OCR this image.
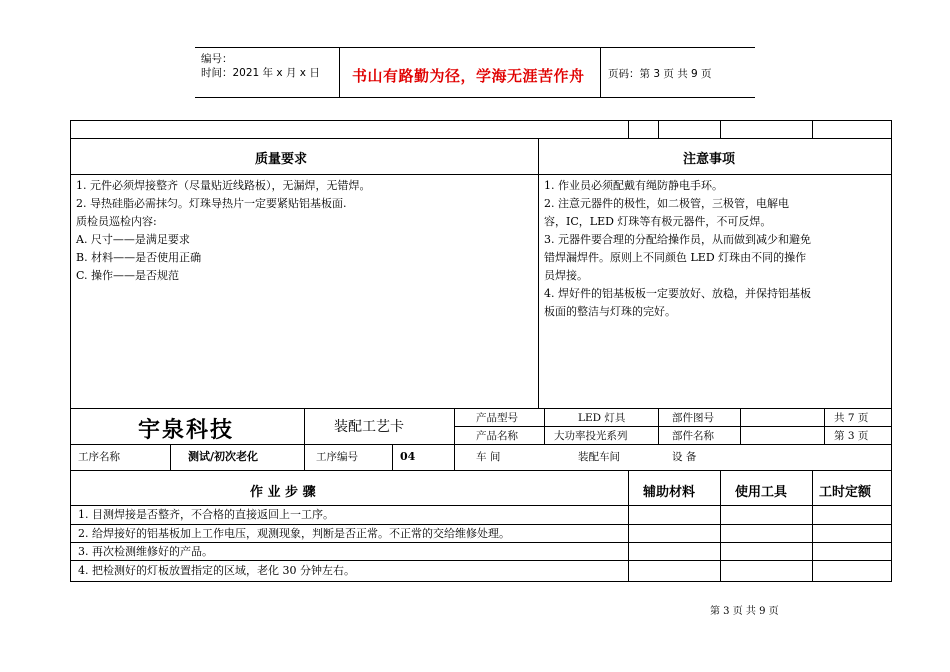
编号：
时间：2021 年 x 月 x 日 书山有路勤为径，学海无涯苦作舟 页码：第 3 页 共 9 页
质量要求
1. 元件必须焊接整齐（尽量贴近线路板），无漏焊，无错焊。
2. 导热硅脂必需抹匀。灯珠导热片一定要紧贴铝基板面.
质检员巡检内容:
A. 尺寸——是满足要求
B. 材料——是否使用正确
C. 操作——是否规范
注意事项
1. 作业员必须配戴有绳防静电手环。
2. 注意元器件的极性，如二极管，三极管，电解电
容，IC，LED 灯珠等有极元器件，不可反焊。
3. 元器件要合理的分配给操作员，从而做到减少和避免
错焊漏焊件。原则上不同颜色 LED 灯珠由不同的操作
员焊接。
4. 焊好件的铝基板板一定要放好、放稳，并保持铝基板
板面的整洁与灯珠的完好。
宇泉科技	装配工艺卡
产品型号	LED 灯具	部件图号	共 7 页
产品名称	大功率投光系列	部件名称	第 3 页
工序名称	测试/初次老化	工序编号	04	车 间	装配车间	设 备
作 业 步 骤	辅助材料	使用工具 工时定额
1. 目测焊接是否整齐，不合格的直接返回上一工序。
2. 给焊接好的铝基板加上工作电压，观测现象，判断是否正常。不正常的交给维修处理。
3. 再次检测维修好的产品。
4. 把检测好的灯板放置指定的区域，老化 30 分钟左右。
第 3 页 共 9 页
